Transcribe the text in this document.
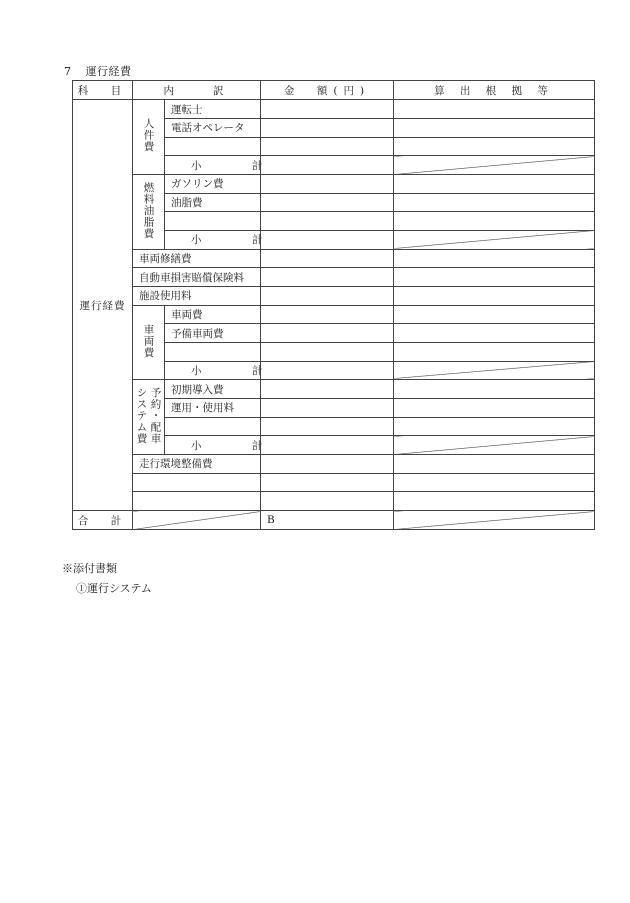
7 運行経費
科　目	内　　訳		金　額(円)	算 出 根 拠 等
運行経費	人件費	運転士		
		電話オペレータ		

		小　計		
	燃料油脂費	ガソリン費		
		油脂費		

		小　計		
	車両修繕費			
	自動車損害賠償保険料			
	施設使用料			
	車両費	車両費		
		予備車両費		

		小　計		
	システム費 予約・配車	初期導入費		
		運用・使用料		

		小　計		
	走行環境整備費			

合　計			B	
※添付書類
①運行システム
